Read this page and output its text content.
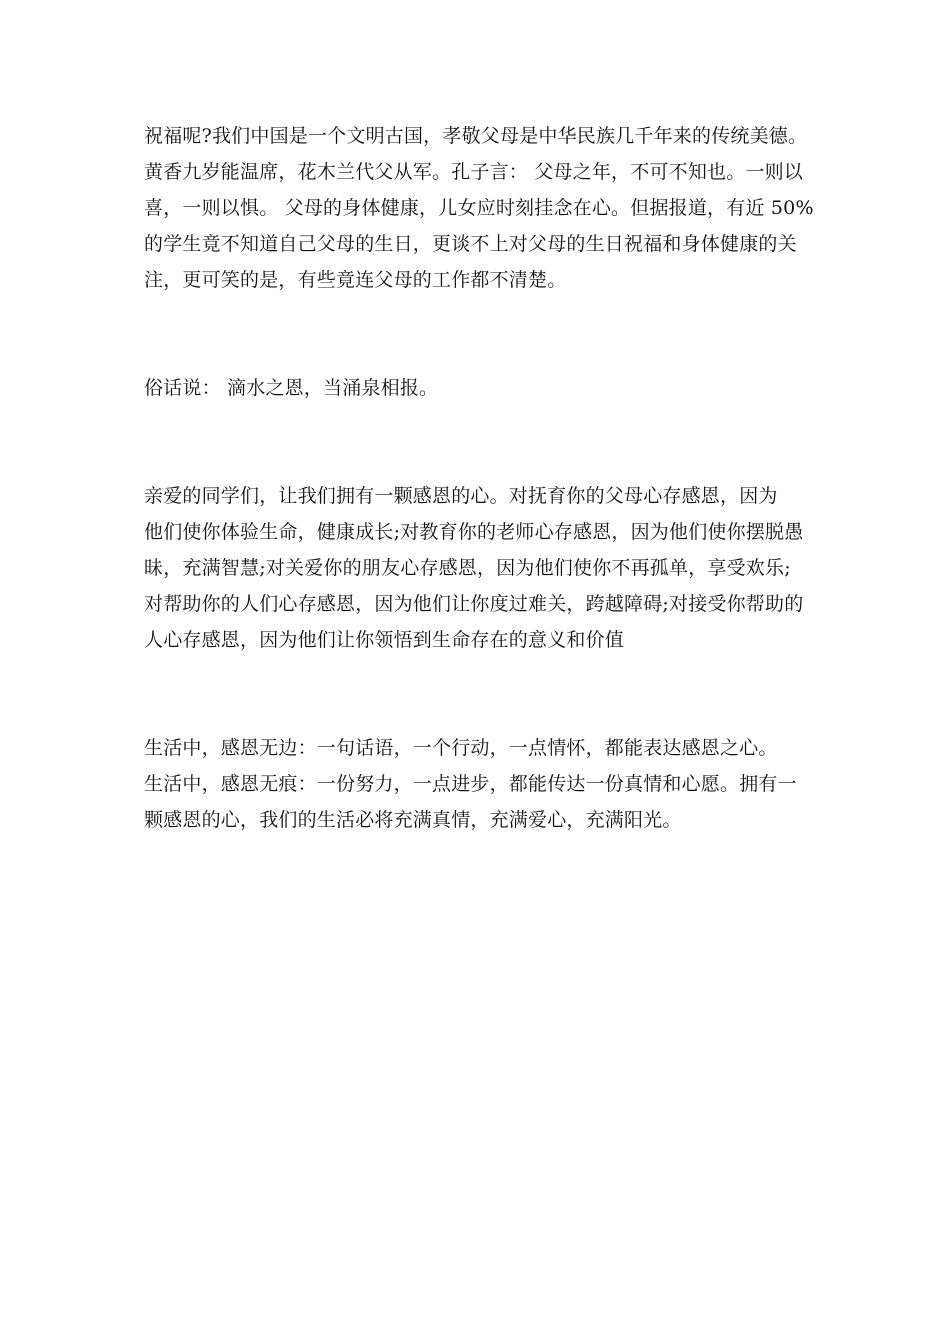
祝福呢?我们中国是一个文明古国，孝敬父母是中华民族几千年来的传统美德。
黄香九岁能温席，花木兰代父从军。孔子言： 父母之年，不可不知也。一则以
喜，一则以惧。 父母的身体健康，儿女应时刻挂念在心。但据报道，有近 50%
的学生竟不知道自己父母的生日，更谈不上对父母的生日祝福和身体健康的关
注，更可笑的是，有些竟连父母的工作都不清楚。
俗话说： 滴水之恩，当涌泉相报。
亲爱的同学们，让我们拥有一颗感恩的心。对抚育你的父母心存感恩，因为
他们使你体验生命，健康成长;对教育你的老师心存感恩，因为他们使你摆脱愚
昧，充满智慧;对关爱你的朋友心存感恩，因为他们使你不再孤单，享受欢乐;
对帮助你的人们心存感恩，因为他们让你度过难关，跨越障碍;对接受你帮助的
人心存感恩，因为他们让你领悟到生命存在的意义和价值
生活中，感恩无边：一句话语，一个行动，一点情怀，都能表达感恩之心。
生活中，感恩无痕：一份努力，一点进步，都能传达一份真情和心愿。拥有一
颗感恩的心，我们的生活必将充满真情，充满爱心，充满阳光。
